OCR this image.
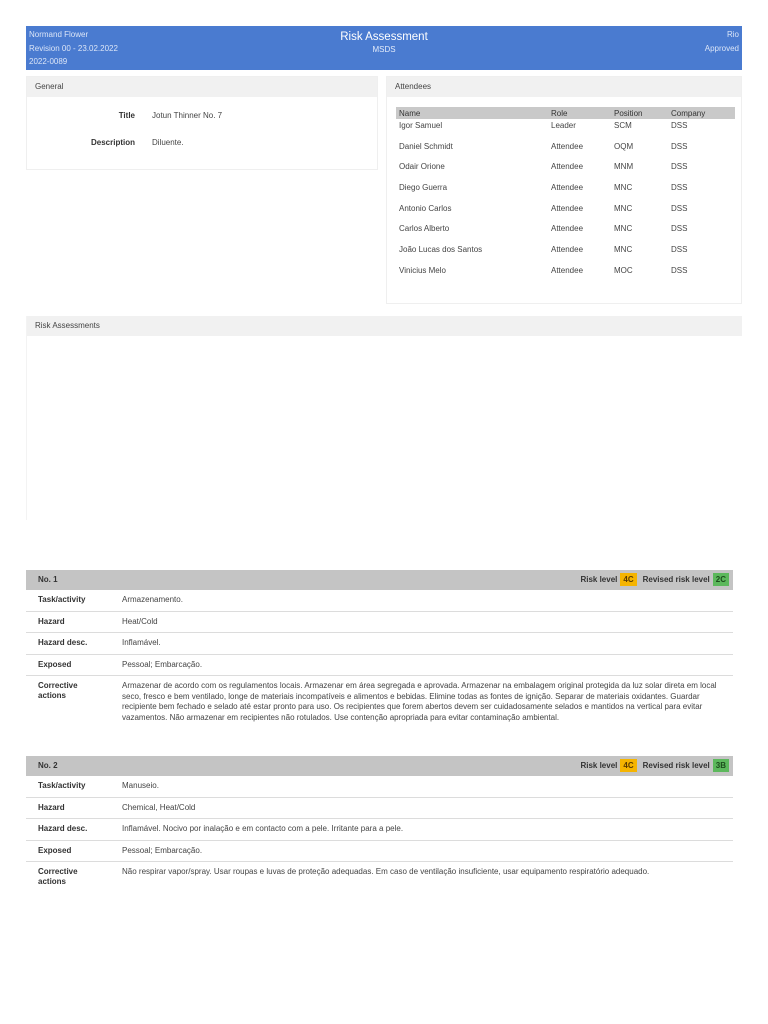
Normand Flower
Revision 00 - 23.02.2022
2022-0089
Risk Assessment
MSDS
Rio
Approved
General
Title Jotun Thinner No. 7
Description Diluente.
Attendees
Name	Role	Position	Company
Igor Samuel	Leader	SCM	DSS
Daniel Schmidt	Attendee	OQM	DSS
Odair Orione	Attendee	MNM	DSS
Diego Guerra	Attendee	MNC	DSS
Antonio Carlos	Attendee	MNC	DSS
Carlos Alberto	Attendee	MNC	DSS
João Lucas dos Santos	Attendee	MNC	DSS
Vinicius Melo	Attendee	MOC	DSS
Risk Assessments
No. 1	Risk level 4C	Revised risk level 2C
Task/activity	Armazenamento.
Hazard	Heat/Cold
Hazard desc.	Inflamável.
Exposed	Pessoal; Embarcação.
Corrective actions
Armazenar de acordo com os regulamentos locais. Armazenar em área segregada e aprovada. Armazenar na embalagem original protegida da luz solar direta em local seco, fresco e bem ventilado, longe de materiais incompatíveis e alimentos e bebidas. Elimine todas as fontes de ignição. Separar de materiais oxidantes. Guardar
recipiente bem fechado e selado até estar pronto para uso. Os recipientes que forem abertos devem ser cuidadosamente selados e mantidos na vertical para evitar vazamentos. Não armazenar em recipientes não rotulados. Use contenção apropriada para evitar contaminação ambiental.
No. 2	Risk level 4C	Revised risk level 3B
Task/activity	Manuseio.
Hazard	Chemical, Heat/Cold
Hazard desc.	Inflamável. Nocivo por inalação e em contacto com a pele. Irritante para a pele.
Exposed	Pessoal; Embarcação.
Corrective actions
Não respirar vapor/spray. Usar roupas e luvas de proteção adequadas. Em caso de ventilação insuficiente, usar equipamento respiratório adequado.
